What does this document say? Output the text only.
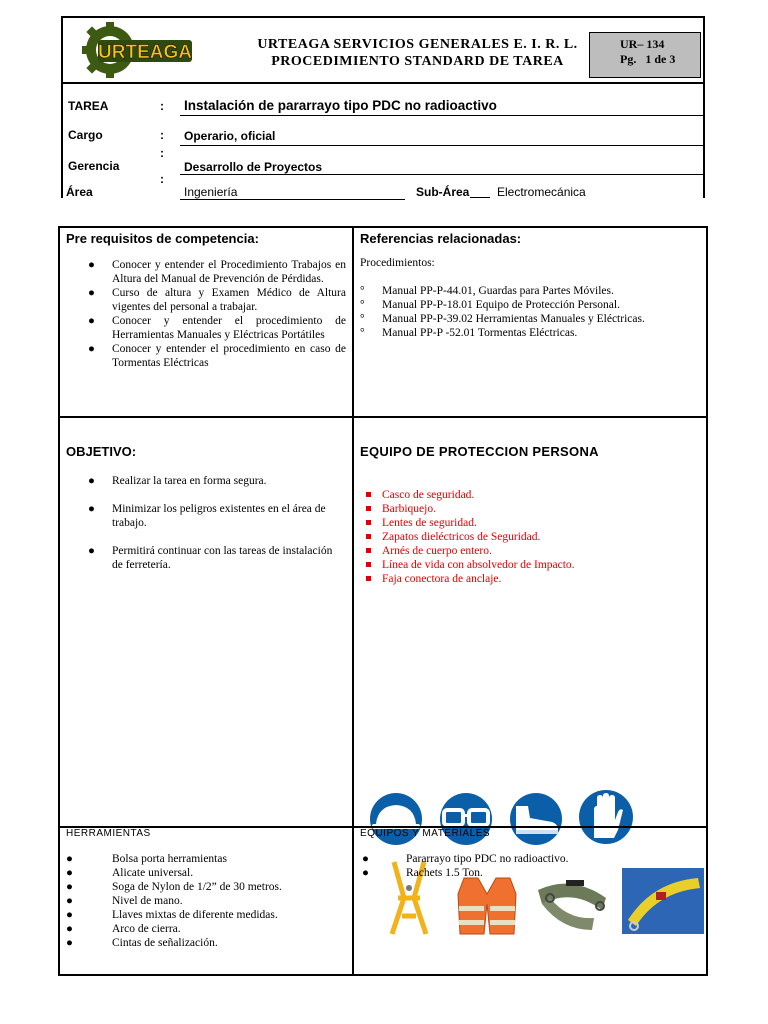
URTEAGA	URTEAGA SERVICIOS GENERALES E. I. R. L.
PROCEDIMIENTO STANDARD DE TAREA
UR– 134
Pg. 1 de 3
TAREA	: Instalación de pararrayo tipo PDC no radioactivo
Cargo	:	Operario, oficial
:
Gerencia	Desarrollo de Proyectos
:
Área	Ingeniería	Sub-Área Electromecánica
Pre requisitos de competencia:
● Conocer y entender el Procedimiento Trabajos en Altura del Manual de Prevención de Pérdidas.
● Curso de altura y Examen Médico de Altura vigentes del personal a trabajar.
● Conocer y entender el procedimiento de Herramientas Manuales y Eléctricas Portátiles
● Conocer y entender el procedimiento en caso de Tormentas Eléctricas
Referencias relacionadas:
Procedimientos:
° Manual PP-P-44.01, Guardas para Partes Móviles.
° Manual PP-P-18.01 Equipo de Protección Personal.
° Manual PP-P-39.02 Herramientas Manuales y Eléctricas.
° Manual PP-P -52.01 Tormentas Eléctricas.
OBJETIVO:
● Realizar la tarea en forma segura.
● Minimizar los peligros existentes en el área de trabajo.
● Permitirá continuar con las tareas de instalación de ferretería.
EQUIPO DE PROTECCION PERSONA
Casco de seguridad.
Barbiquejo.
Lentes de seguridad.
Zapatos dieléctricos de Seguridad.
Arnés de cuerpo entero.
Línea de vida con absolvedor de Impacto.
Faja conectora de anclaje.
HERRAMIENTAS
●	Bolsa porta herramientas
●	Alicate universal.
●	Soga de Nylon de 1/2” de 30 metros.
●	Nivel de mano.
●	Llaves mixtas de diferente medidas.
●	Arco de cierra.
●	Cintas de señalización.
EQUIPOS Y MATERIALES
●	Pararrayo tipo PDC no radioactivo.
●	Rachets 1.5 Ton.
